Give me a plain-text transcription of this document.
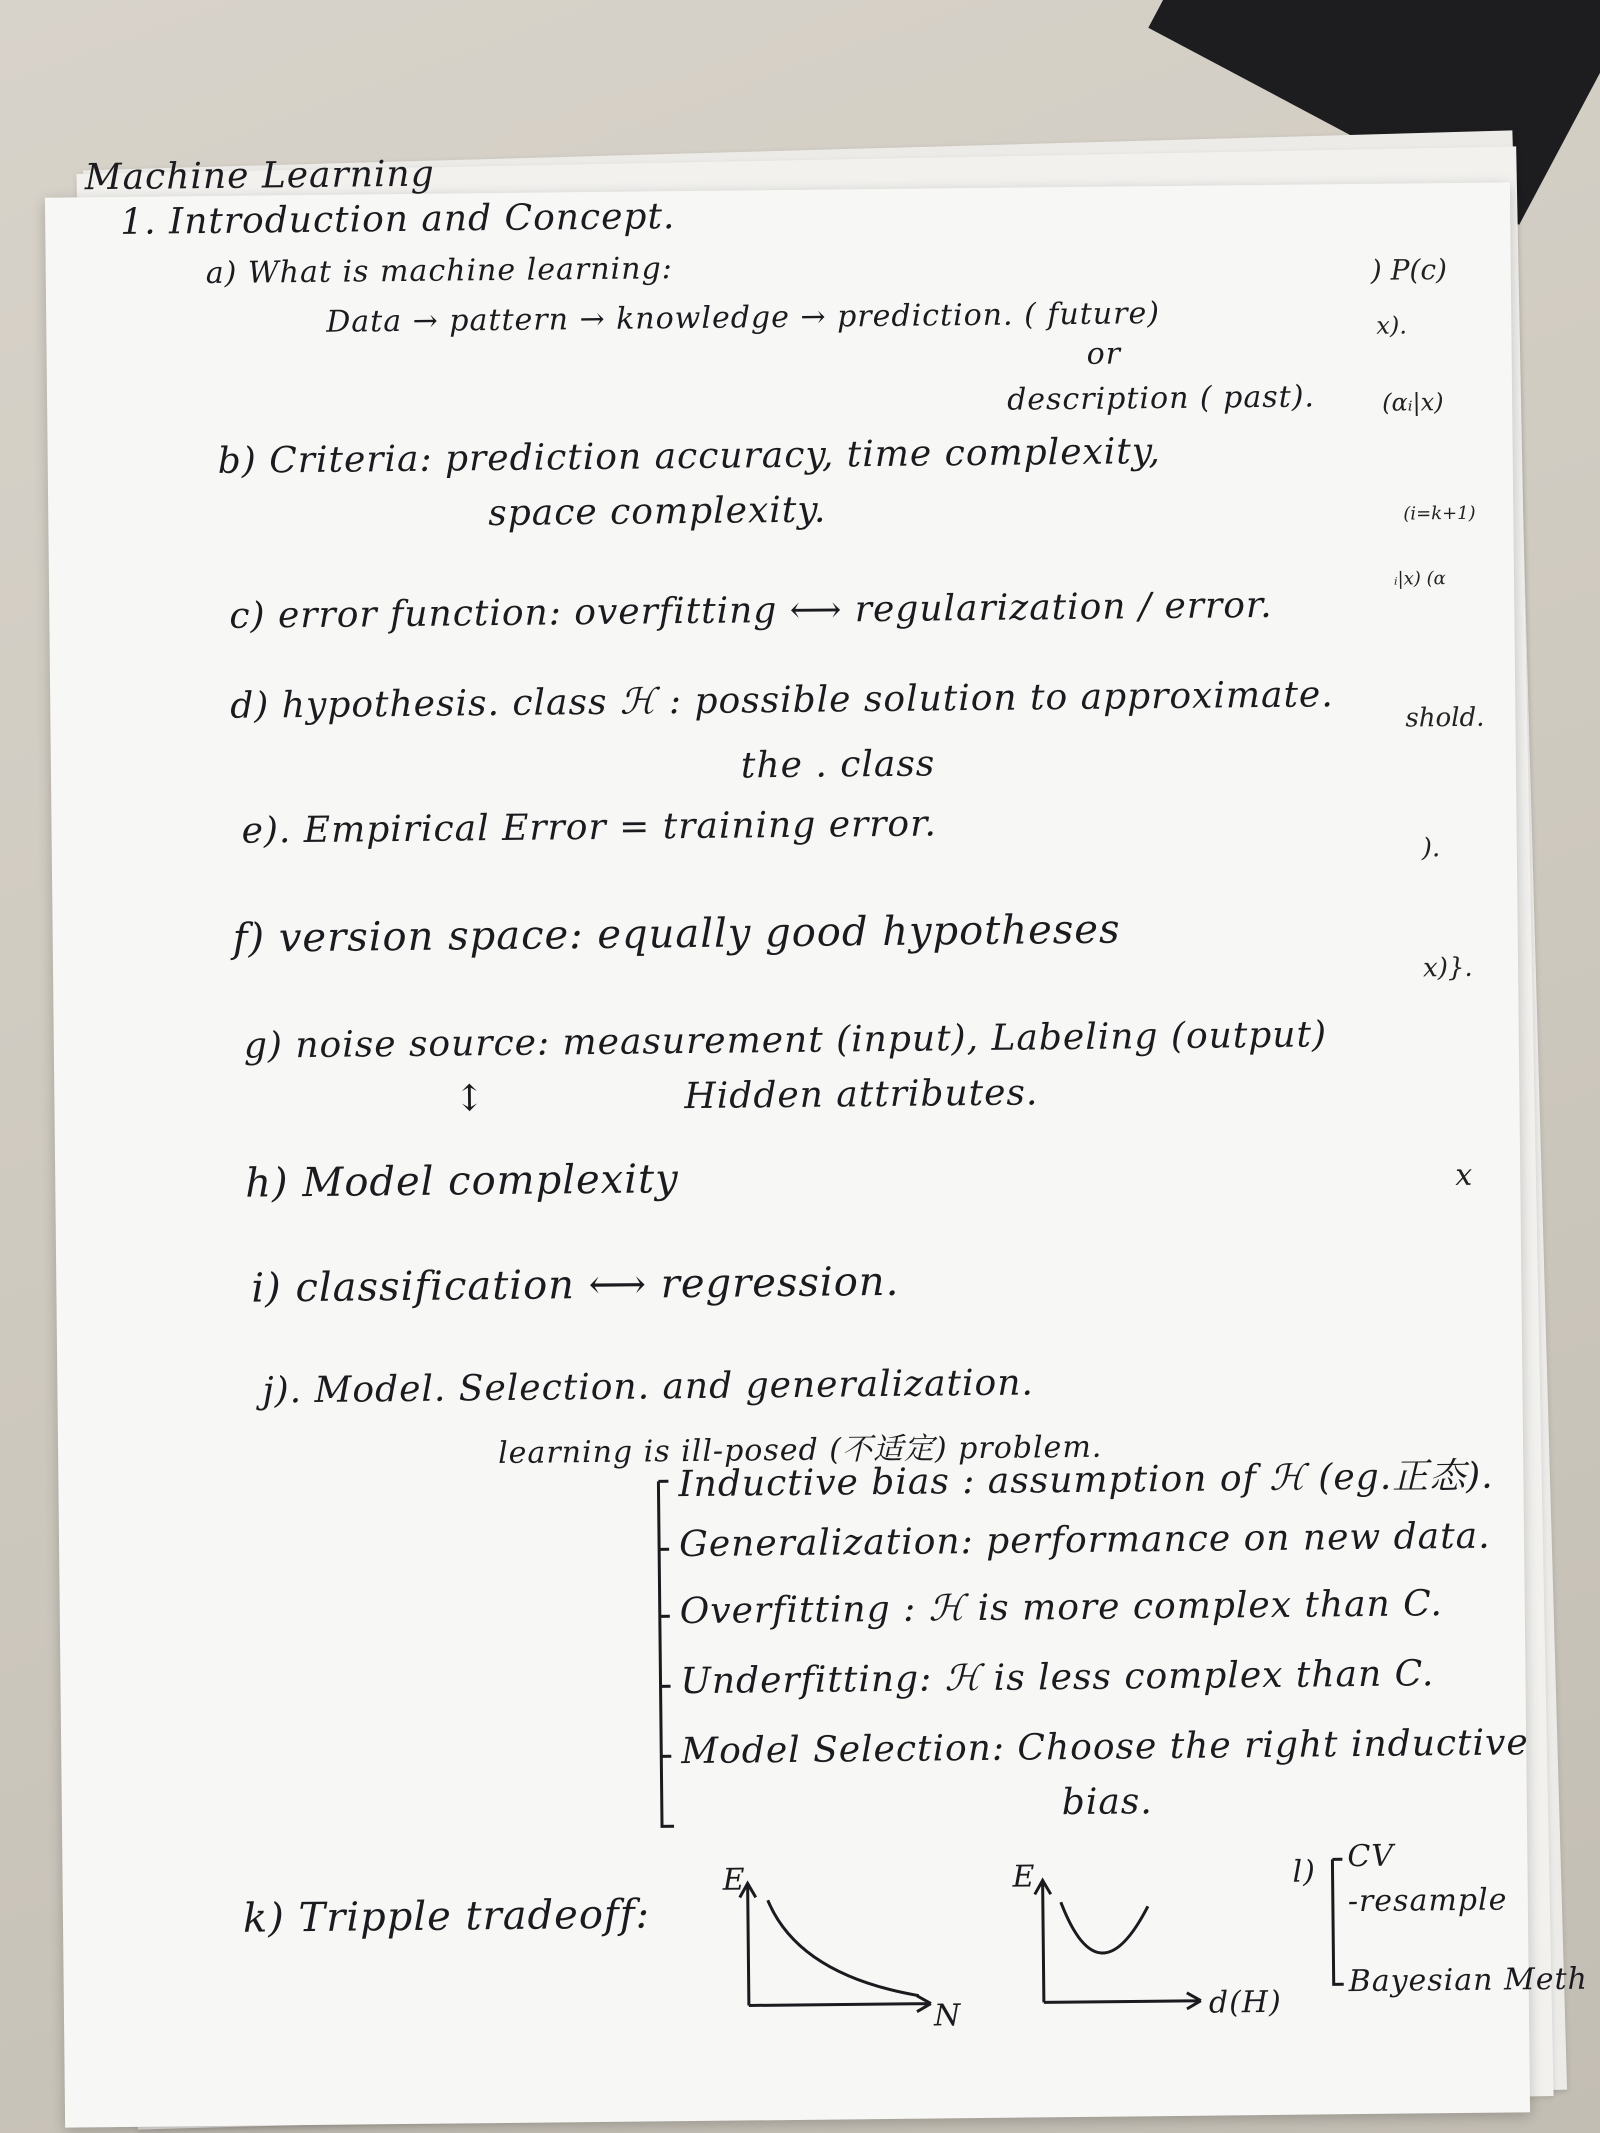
Machine Learning
1. Introduction and Concept.
a) What is machine learning:
Data → pattern → knowledge → prediction. ( future)
or
description ( past).
b) Criteria: prediction accuracy, time complexity,
space complexity.
c) error function: overfitting ⟷ regularization / error.
d) hypothesis. class ℋ : possible solution to approximate.
the . class
e). Empirical Error = training error.
f) version space: equally good hypotheses
g) noise source: measurement (input), Labeling (output)
↕	Hidden attributes.
h) Model complexity
i) classification ⟷ regression.
j). Model. Selection. and generalization.
learning is ill-posed (不适定) problem.
Inductive bias : assumption of ℋ (eg.正态).
Generalization: performance on new data.
Overfitting : ℋ is more complex than C.
Underfitting: ℋ is less complex than C.
Model Selection: Choose the right inductive
bias.
k) Tripple tradeoff:
E
N
E
d(H)
l) CV
-resample
Bayesian Meth
) P(c)
x).
(αᵢ|x)
(i=k+1)
ᵢ|x) (α
shold.
).
x)}.
x
